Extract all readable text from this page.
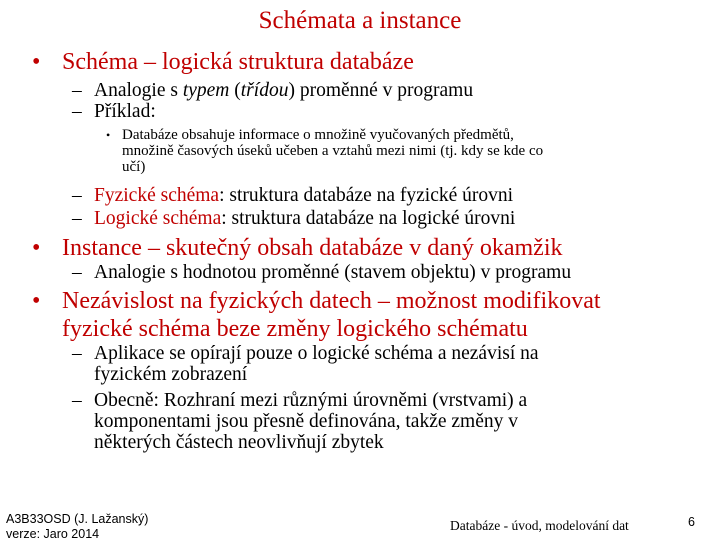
Schémata a instance
• Schéma – logická struktura databáze
– Analogie s typem (třídou) proměnné v programu
– Příklad:
• Databáze obsahuje informace o množině vyučovaných předmětů,
množině časových úseků učeben a vztahů mezi nimi (tj. kdy se kde co
učí)
– Fyzické schéma: struktura databáze na fyzické úrovni
– Logické schéma: struktura databáze na logické úrovni
• Instance – skutečný obsah databáze v daný okamžik
– Analogie s hodnotou proměnné (stavem objektu) v programu
• Nezávislost na fyzických datech – možnost modifikovat
fyzické schéma beze změny logického schématu
– Aplikace se opírají pouze o logické schéma a nezávisí na
fyzickém zobrazení
– Obecně: Rozhraní mezi různými úrovněmi (vrstvami) a
komponentami jsou přesně definována, takže změny v
některých částech neovlivňují zbytek
A3B33OSD (J. Lažanský)
verze: Jaro 2014
Databáze - úvod, modelování dat	6
